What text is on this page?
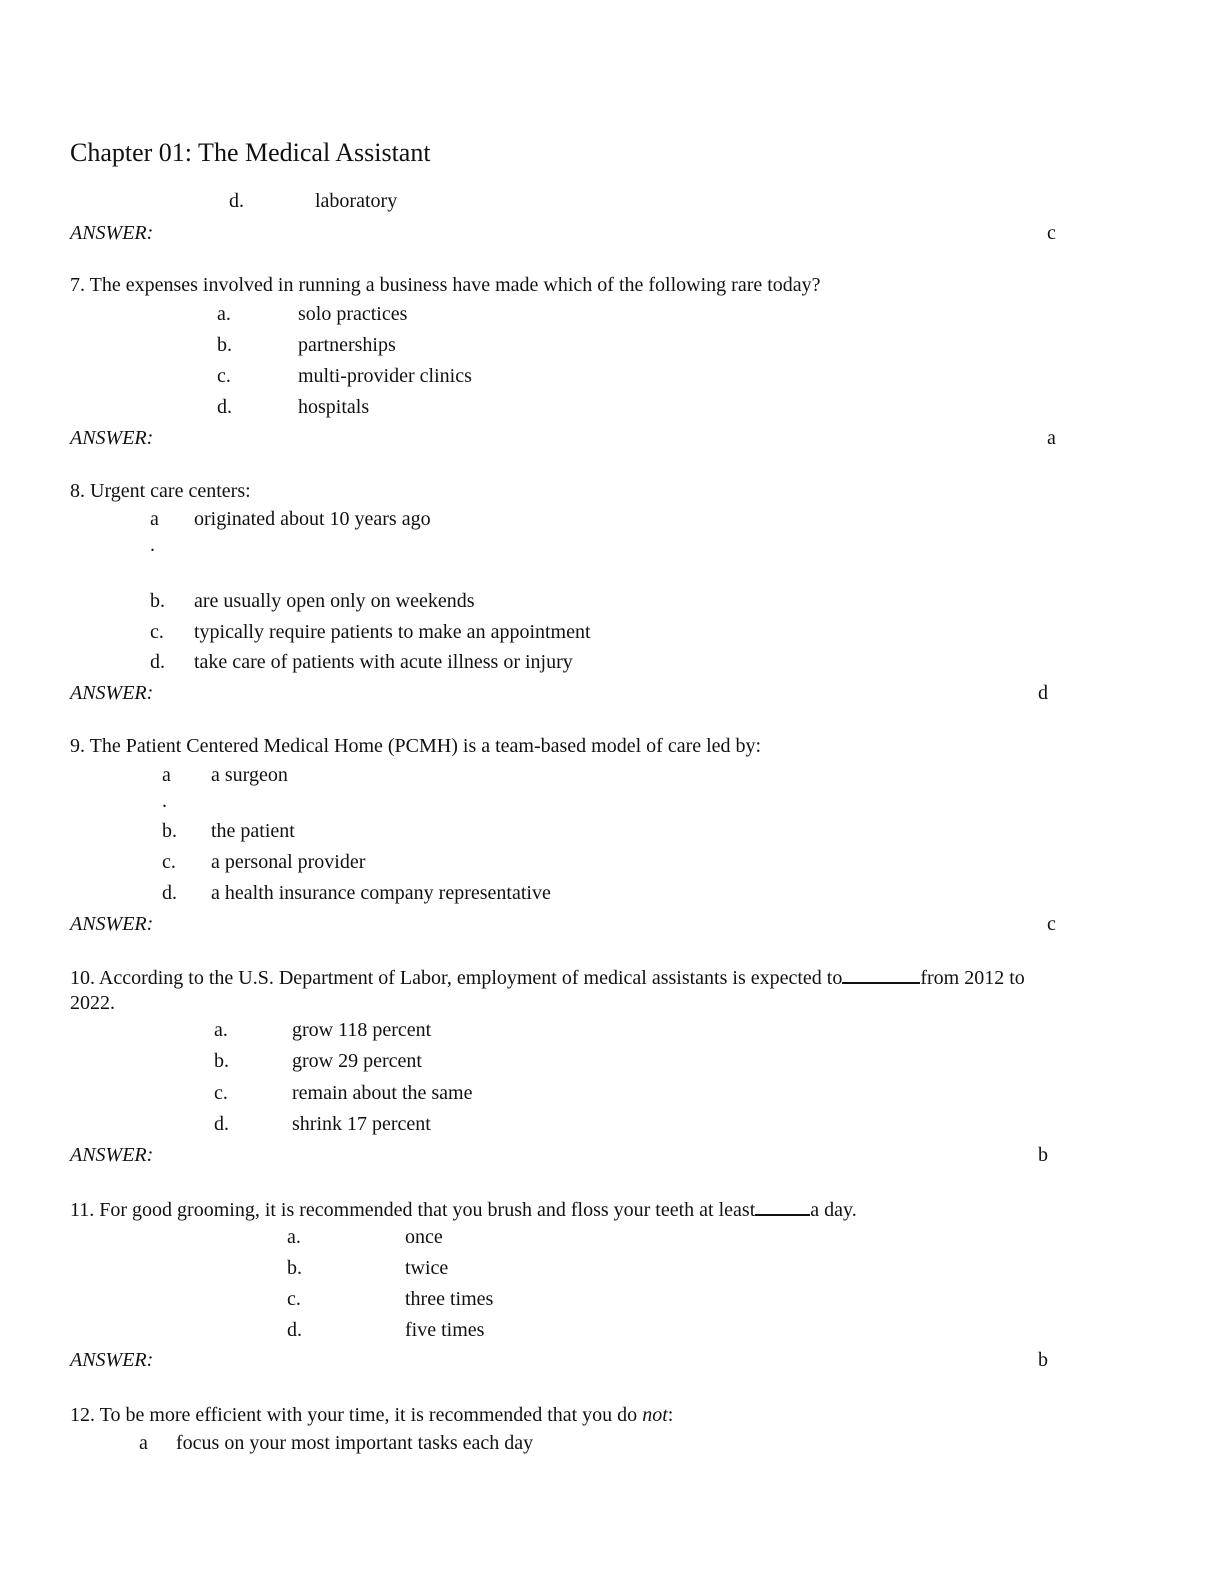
Chapter 01: The Medical Assistant
d.	laboratory
ANSWER:	c
7. The expenses involved in running a business have made which of the following rare today?
a.	solo practices
b.	partnerships
c.	multi-provider clinics
d.	hospitals
ANSWER:	a
8. Urgent care centers:
a originated about 10 years ago
.
b. are usually open only on weekends
c. typically require patients to make an appointment
d. take care of patients with acute illness or injury
ANSWER:	d
9. The Patient Centered Medical Home (PCMH) is a team-based model of care led by:
a a surgeon
.
b. the patient
c. a personal provider
d. a health insurance company representative
ANSWER:	c
10. According to the U.S. Department of Labor, employment of medical assistants is expected to	from 2012 to
2022.
a.	grow 118 percent
b.	grow 29 percent
c.	remain about the same
d.	shrink 17 percent
ANSWER:	b
11. For good grooming, it is recommended that you brush and floss your teeth at least	a day.
a.	once
b.	twice
c.	three times
d.	five times
ANSWER:	b
12. To be more efficient with your time, it is recommended that you do not:
a focus on your most important tasks each day
